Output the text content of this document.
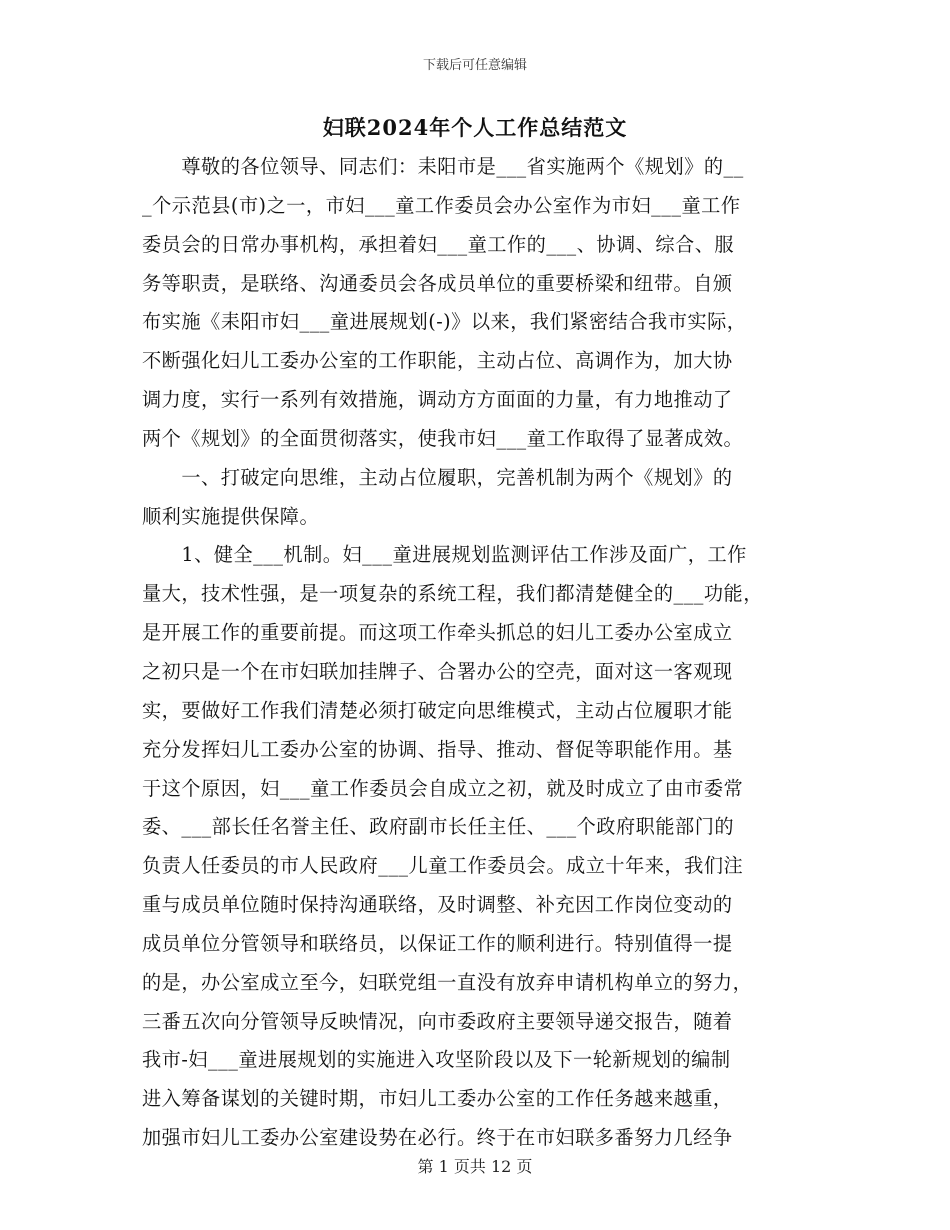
下载后可任意编辑
妇联2024年个人工作总结范文
　　尊敬的各位领导、同志们：耒阳市是___省实施两个《规划》的__
_个示范县(市)之一，市妇___童工作委员会办公室作为市妇___童工作
委员会的日常办事机构，承担着妇___童工作的___、协调、综合、服
务等职责，是联络、沟通委员会各成员单位的重要桥梁和纽带。自颁
布实施《耒阳市妇___童进展规划(-)》以来，我们紧密结合我市实际，
不断强化妇儿工委办公室的工作职能，主动占位、高调作为，加大协
调力度，实行一系列有效措施，调动方方面面的力量，有力地推动了
两个《规划》的全面贯彻落实，使我市妇___童工作取得了显著成效。
　　一、打破定向思维，主动占位履职，完善机制为两个《规划》的
顺利实施提供保障。
　　1、健全___机制。妇___童进展规划监测评估工作涉及面广，工作
量大，技术性强，是一项复杂的系统工程，我们都清楚健全的___功能，
是开展工作的重要前提。而这项工作牵头抓总的妇儿工委办公室成立
之初只是一个在市妇联加挂牌子、合署办公的空壳，面对这一客观现
实，要做好工作我们清楚必须打破定向思维模式，主动占位履职才能
充分发挥妇儿工委办公室的协调、指导、推动、督促等职能作用。基
于这个原因，妇___童工作委员会自成立之初，就及时成立了由市委常
委、___部长任名誉主任、政府副市长任主任、___个政府职能部门的
负责人任委员的市人民政府___儿童工作委员会。成立十年来，我们注
重与成员单位随时保持沟通联络，及时调整、补充因工作岗位变动的
成员单位分管领导和联络员，以保证工作的顺利进行。特别值得一提
的是，办公室成立至今，妇联党组一直没有放弃申请机构单立的努力，
三番五次向分管领导反映情况，向市委政府主要领导递交报告，随着
我市-妇___童进展规划的实施进入攻坚阶段以及下一轮新规划的编制
进入筹备谋划的关键时期，市妇儿工委办公室的工作任务越来越重，
加强市妇儿工委办公室建设势在必行。终于在市妇联多番努力几经争
第 1 页共 12 页
